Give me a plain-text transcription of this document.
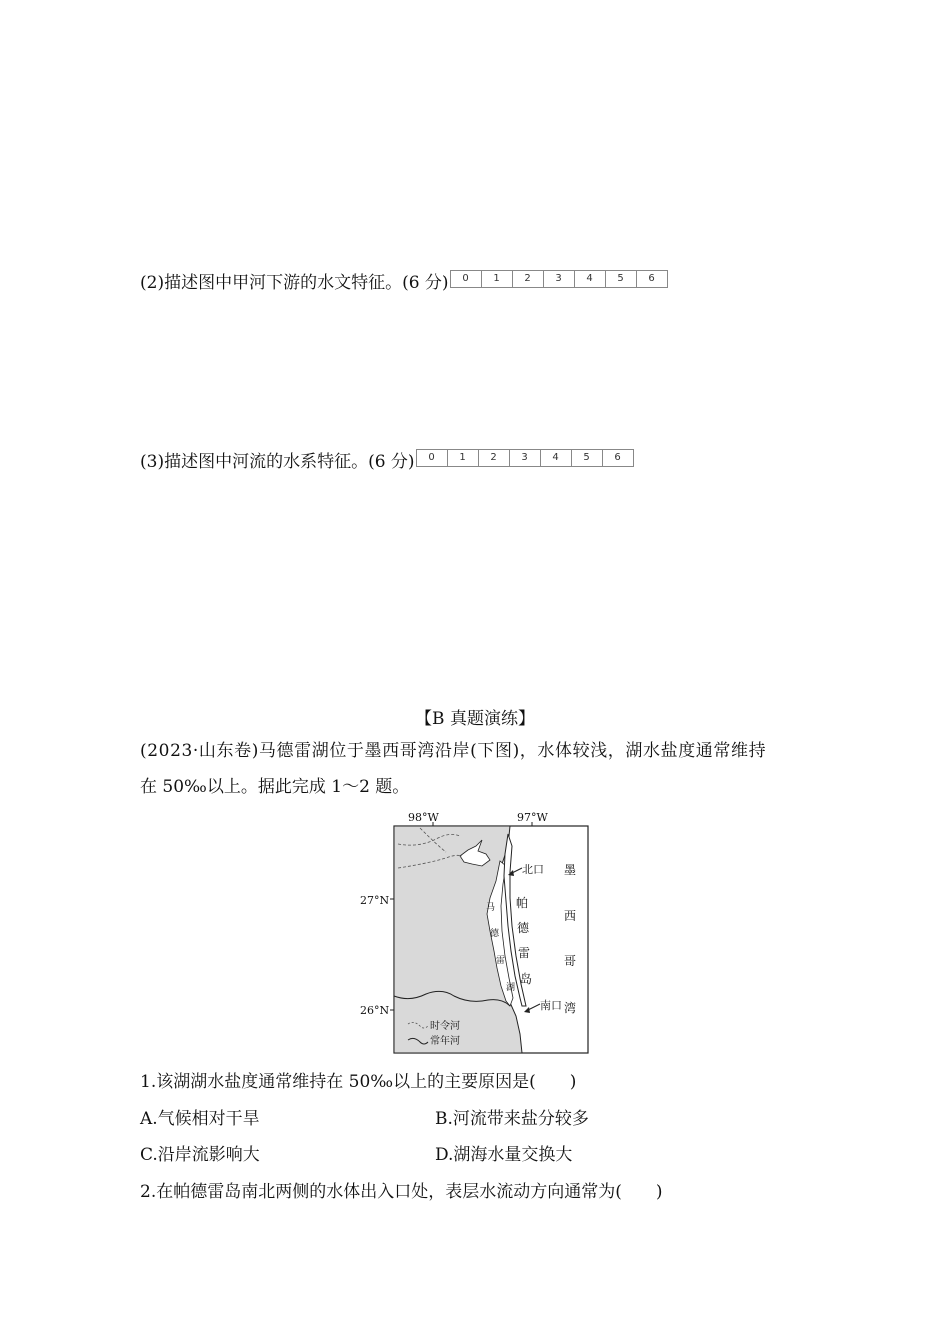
(2)描述图中甲河下游的水文特征。(6 分)	0	1	2	3	4	5	6
(3)描述图中河流的水系特征。(6 分)	0	1	2	3	4	5	6
【B 真题演练】
(2023·山东卷)马德雷湖位于墨西哥湾沿岸(下图)，水体较浅，湖水盐度通常维持
在 50‰以上。据此完成 1～2 题。
98°W	97°W
27°N
26°N
北口
南口
帕
德
雷
岛
马
德
雷
湖
墨
西
哥
湾
时令河
常年河
1.该湖湖水盐度通常维持在 50‰以上的主要原因是(　　)
A.气候相对干旱	B.河流带来盐分较多
C.沿岸流影响大	D.湖海水量交换大
2.在帕德雷岛南北两侧的水体出入口处，表层水流动方向通常为(　　)
